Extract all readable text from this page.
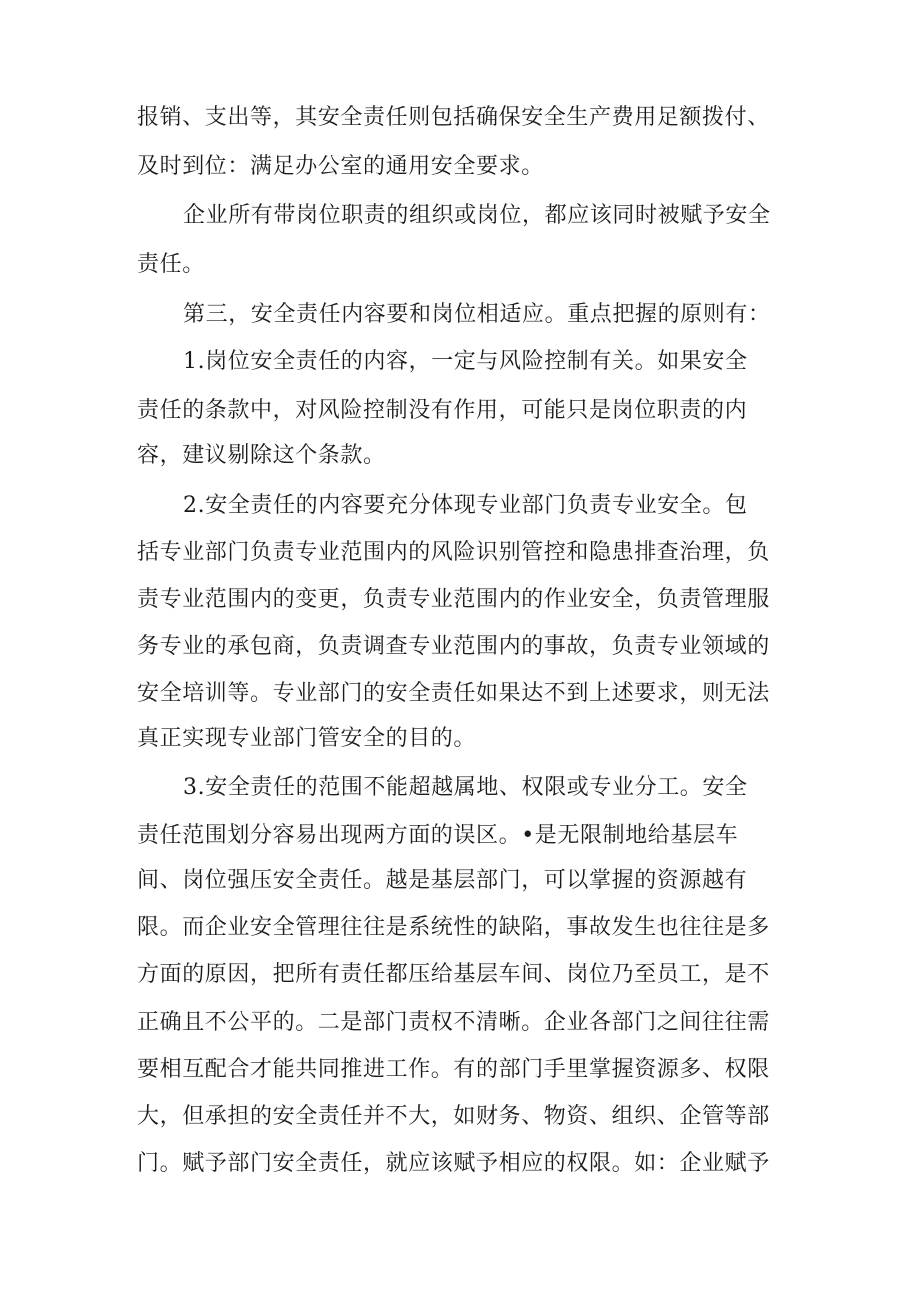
报销、支出等，其安全责任则包括确保安全生产费用足额拨付、
及时到位：满足办公室的通用安全要求。
企业所有带岗位职责的组织或岗位，都应该同时被赋予安全
责任。
第三，安全责任内容要和岗位相适应。重点把握的原则有：
1.岗位安全责任的内容，一定与风险控制有关。如果安全
责任的条款中，对风险控制没有作用，可能只是岗位职责的内
容，建议剔除这个条款。
2.安全责任的内容要充分体现专业部门负责专业安全。包
括专业部门负责专业范围内的风险识别管控和隐患排查治理，负
责专业范围内的变更，负责专业范围内的作业安全，负责管理服
务专业的承包商，负责调查专业范围内的事故，负责专业领域的
安全培训等。专业部门的安全责任如果达不到上述要求，则无法
真正实现专业部门管安全的目的。
3.安全责任的范围不能超越属地、权限或专业分工。安全
责任范围划分容易出现两方面的误区。•是无限制地给基层车
间、岗位强压安全责任。越是基层部门，可以掌握的资源越有
限。而企业安全管理往往是系统性的缺陷，事故发生也往往是多
方面的原因，把所有责任都压给基层车间、岗位乃至员工，是不
正确且不公平的。二是部门责权不清晰。企业各部门之间往往需
要相互配合才能共同推进工作。有的部门手里掌握资源多、权限
大，但承担的安全责任并不大，如财务、物资、组织、企管等部
门。赋予部门安全责任，就应该赋予相应的权限。如：企业赋予
